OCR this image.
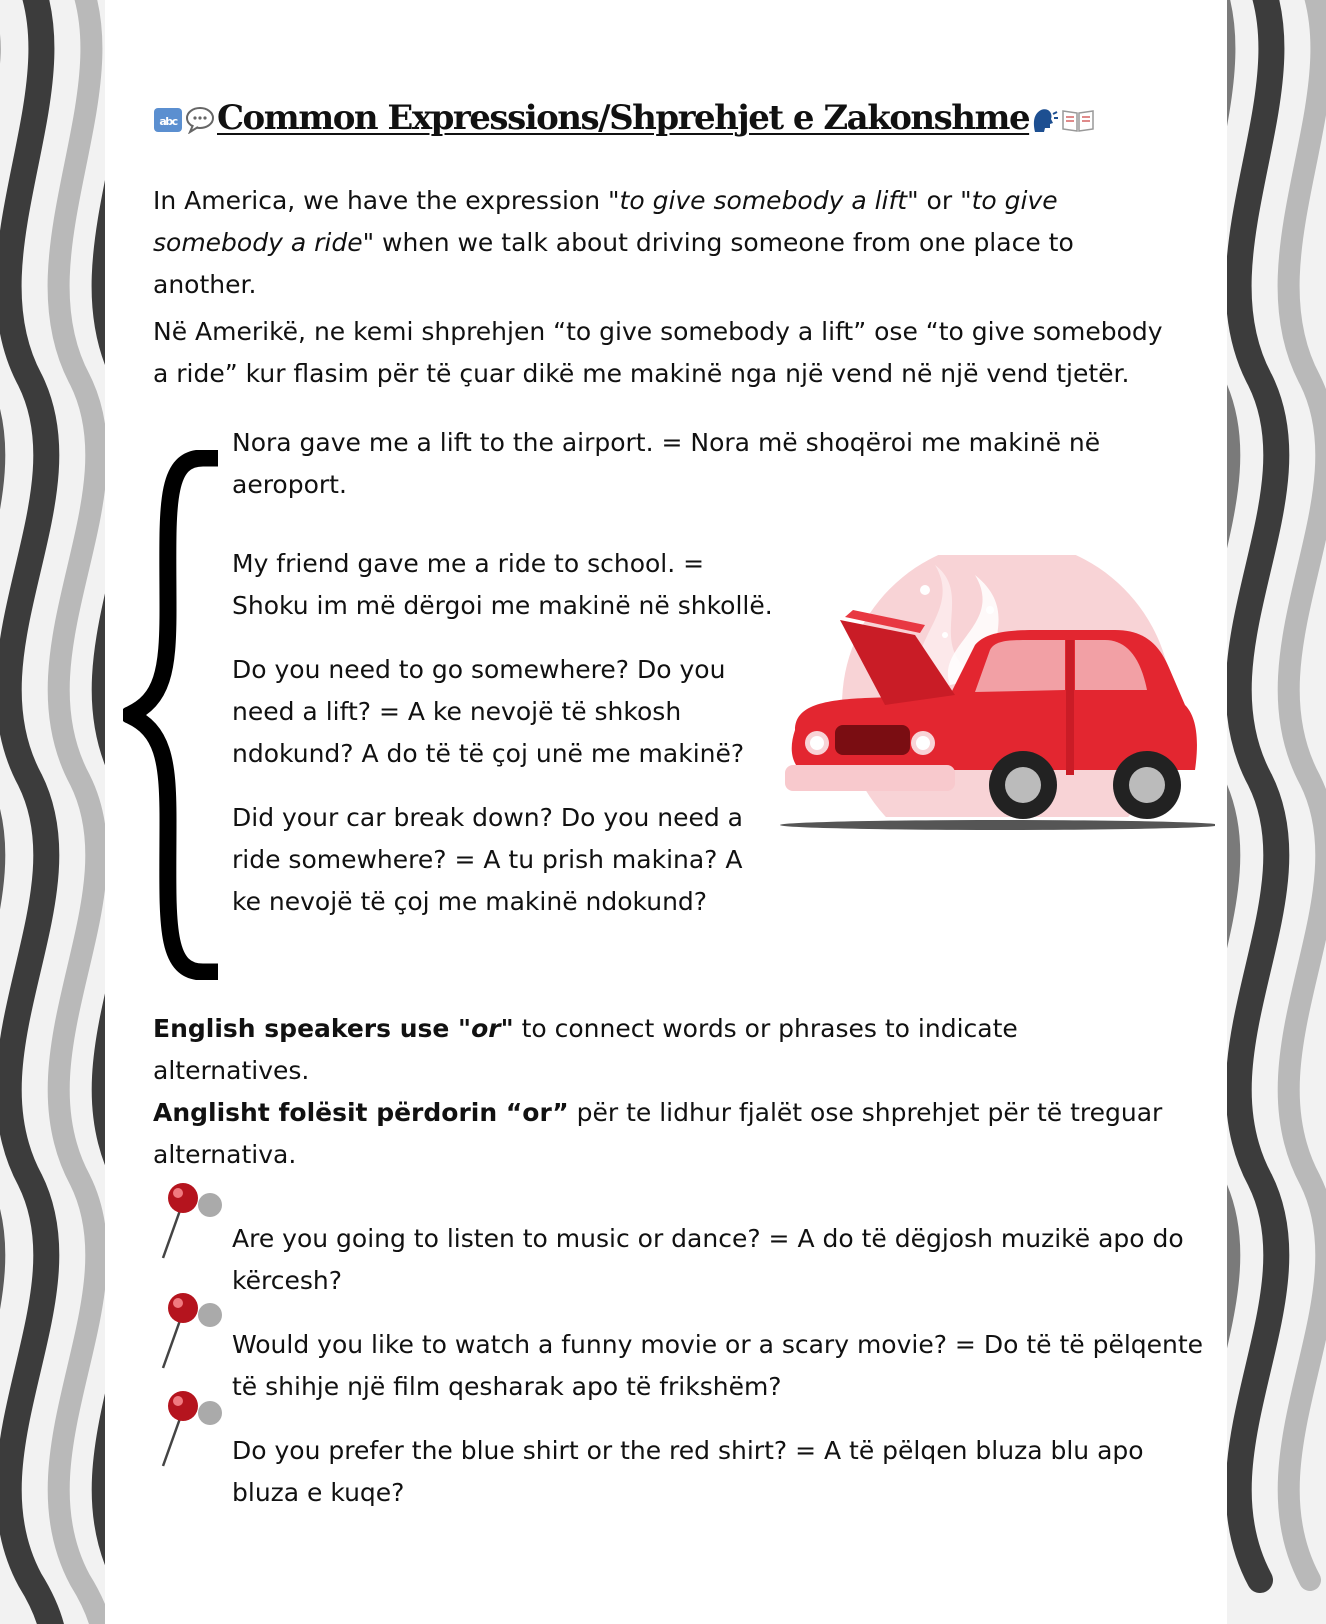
abc Common Expressions/Shprehjet e Zakonshme

In America, we have the expression "to give somebody a lift" or "to give somebody a ride" when we talk about driving someone from one place to another.

Në Amerikë, ne kemi shprehjen “to give somebody a lift” ose “to give somebody a ride” kur flasim për të çuar dikë me makinë nga një vend në një vend tjetër.

Nora gave me a lift to the airport. = Nora më shoqëroi me makinë në
aeroport.

My friend gave me a ride to school. =
Shoku im më dërgoi me makinë në shkollë.

Do you need to go somewhere? Do you
need a lift? = A ke nevojë të shkosh
ndokund? A do të të çoj unë me makinë?

Did your car break down? Do you need a
ride somewhere? = A tu prish makina? A
ke nevojë të çoj me makinë ndokund?

English speakers use "or" to connect words or phrases to indicate alternatives.

Anglisht folësit përdorin “or” për te lidhur fjalët ose shprehjet për të treguar alternativa.

Are you going to listen to music or dance? = A do të dëgjosh muzikë apo do
kërcesh?

Would you like to watch a funny movie or a scary movie? = Do të të pëlqente
të shihje një film qesharak apo të frikshëm?

Do you prefer the blue shirt or the red shirt? = A të pëlqen bluza blu apo
bluza e kuqe?
